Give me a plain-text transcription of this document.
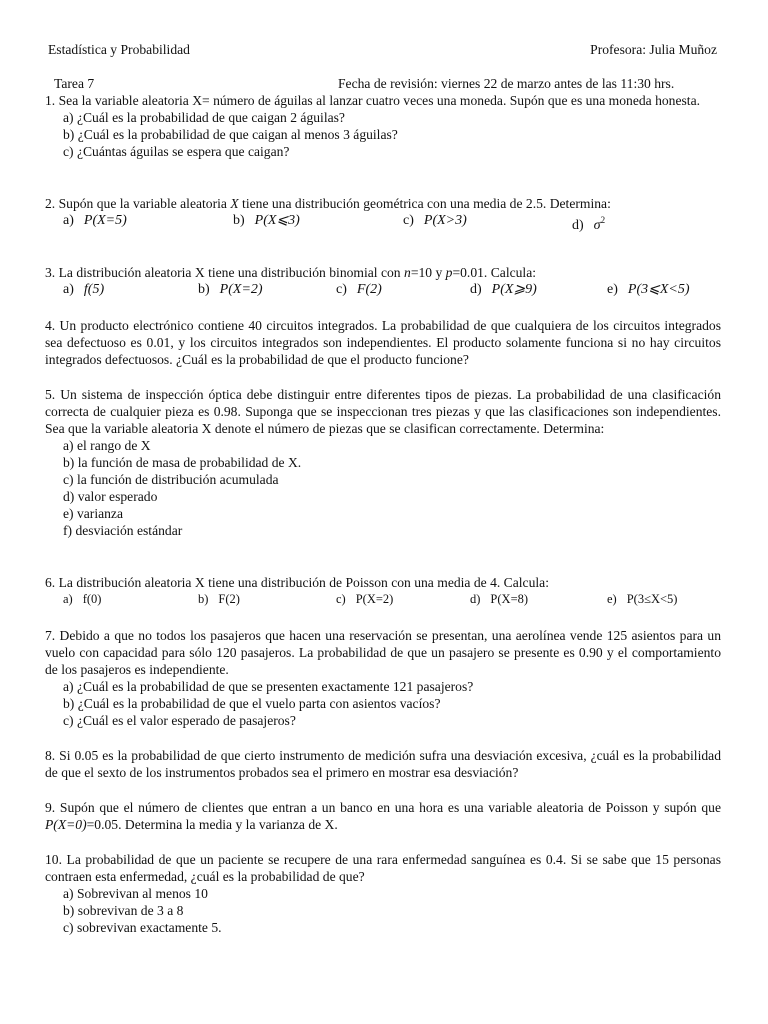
Estadística y Probabilidad	Profesora: Julia Muñoz
Tarea 7	Fecha de revisión: viernes 22 de marzo antes de las 11:30 hrs.
1. Sea la variable aleatoria X= número de águilas al lanzar cuatro veces una moneda. Supón que es una moneda honesta.
a) ¿Cuál es la probabilidad de que caigan 2 águilas?
b) ¿Cuál es la probabilidad de que caigan al menos 3 águilas?
c) ¿Cuántas águilas se espera que caigan?
2. Supón que la variable aleatoria X tiene una distribución geométrica con una media de 2.5. Determina:
a) P(X=5)	b) P(X⩽3)	c) P(X>3)	d) $\sigma^2$
3. La distribución aleatoria X tiene una distribución binomial con n=10 y p=0.01. Calcula:
a) f(5)	b) P(X=2)	c) F(2)	d) P(X⩾9)	e) P(3⩽X<5)
4. Un producto electrónico contiene 40 circuitos integrados. La probabilidad de que cualquiera de los circuitos integrados sea defectuoso es 0.01, y los circuitos integrados son independientes. El producto solamente funciona si no hay circuitos integrados defectuosos. ¿Cuál es la probabilidad de que el producto funcione?
5. Un sistema de inspección óptica debe distinguir entre diferentes tipos de piezas. La probabilidad de una clasificación correcta de cualquier pieza es 0.98. Suponga que se inspeccionan tres piezas y que las clasificaciones son independientes. Sea que la variable aleatoria X denote el número de piezas que se clasifican correctamente. Determina:
a) el rango de X
b) la función de masa de probabilidad de X.
c) la función de distribución acumulada
d) valor esperado
e) varianza
f) desviación estándar
6. La distribución aleatoria X tiene una distribución de Poisson con una media de 4. Calcula:
a) f(0)	b) F(2)	c) P(X=2)	d) P(X=8)	e) P(3≤X<5)
7. Debido a que no todos los pasajeros que hacen una reservación se presentan, una aerolínea vende 125 asientos para un vuelo con capacidad para sólo 120 pasajeros. La probabilidad de que un pasajero se presente es 0.90 y el comportamiento de los pasajeros es independiente.
a) ¿Cuál es la probabilidad de que se presenten exactamente 121 pasajeros?
b) ¿Cuál es la probabilidad de que el vuelo parta con asientos vacíos?
c) ¿Cuál es el valor esperado de pasajeros?
8. Si 0.05 es la probabilidad de que cierto instrumento de medición sufra una desviación excesiva, ¿cuál es la probabilidad de que el sexto de los instrumentos probados sea el primero en mostrar esa desviación?
9. Supón que el número de clientes que entran a un banco en una hora es una variable aleatoria de Poisson y supón que P(X=0)=0.05. Determina la media y la varianza de X.
10. La probabilidad de que un paciente se recupere de una rara enfermedad sanguínea es 0.4. Si se sabe que 15 personas contraen esta enfermedad, ¿cuál es la probabilidad de que?
a) Sobrevivan al menos 10
b) sobrevivan de 3 a 8
c) sobrevivan exactamente 5.
